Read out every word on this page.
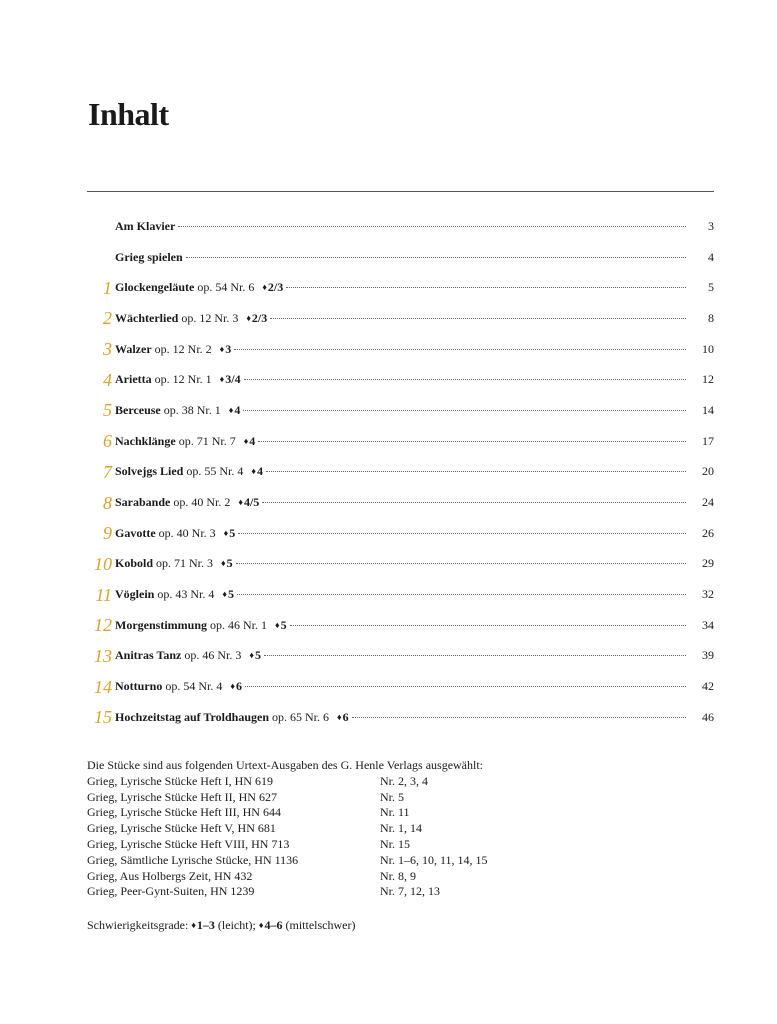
Inhalt
Am Klavier	3
Grieg spielen	4
1 Glockengeläute op. 54 Nr. 6 ♦2/3	5
2 Wächterlied op. 12 Nr. 3 ♦2/3	8
3 Walzer op. 12 Nr. 2 ♦3	10
4 Arietta op. 12 Nr. 1 ♦3/4	12
5 Berceuse op. 38 Nr. 1 ♦4	14
6 Nachklänge op. 71 Nr. 7 ♦4	17
7 Solvejgs Lied op. 55 Nr. 4 ♦4	20
8 Sarabande op. 40 Nr. 2 ♦4/5	24
9 Gavotte op. 40 Nr. 3 ♦5	26
10 Kobold op. 71 Nr. 3 ♦5	29
11 Vöglein op. 43 Nr. 4 ♦5	32
12 Morgenstimmung op. 46 Nr. 1 ♦5	34
13 Anitras Tanz op. 46 Nr. 3 ♦5	39
14 Notturno op. 54 Nr. 4 ♦6	42
15 Hochzeitstag auf Troldhaugen op. 65 Nr. 6 ♦6	46
Die Stücke sind aus folgenden Urtext-Ausgaben des G. Henle Verlags ausgewählt:
Grieg, Lyrische Stücke Heft I, HN 619	Nr. 2, 3, 4
Grieg, Lyrische Stücke Heft II, HN 627	Nr. 5
Grieg, Lyrische Stücke Heft III, HN 644	Nr. 11
Grieg, Lyrische Stücke Heft V, HN 681	Nr. 1, 14
Grieg, Lyrische Stücke Heft VIII, HN 713	Nr. 15
Grieg, Sämtliche Lyrische Stücke, HN 1136	Nr. 1–6, 10, 11, 14, 15
Grieg, Aus Holbergs Zeit, HN 432	Nr. 8, 9
Grieg, Peer-Gynt-Suiten, HN 1239	Nr. 7, 12, 13
Schwierigkeitsgrade: ♦1–3 (leicht); ♦4–6 (mittelschwer)
